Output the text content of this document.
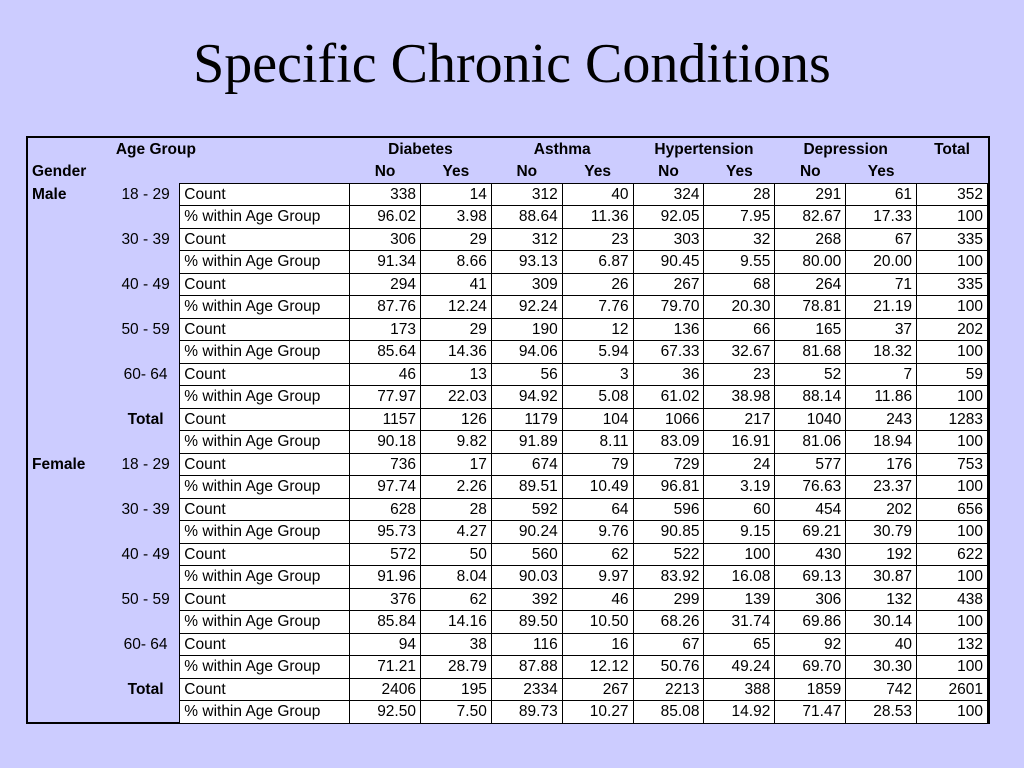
Specific Chronic Conditions
	Age Group		Diabetes		Asthma		Hypertension		Depression		Total
Gender			No	Yes	No	Yes	No	Yes	No	Yes	
Male	18 - 29	Count	338	14	312	40	324	28	291	61	352
		% within Age Group	96.02	3.98	88.64	11.36	92.05	7.95	82.67	17.33	100
	30 - 39	Count	306	29	312	23	303	32	268	67	335
		% within Age Group	91.34	8.66	93.13	6.87	90.45	9.55	80.00	20.00	100
	40 - 49	Count	294	41	309	26	267	68	264	71	335
		% within Age Group	87.76	12.24	92.24	7.76	79.70	20.30	78.81	21.19	100
	50 - 59	Count	173	29	190	12	136	66	165	37	202
		% within Age Group	85.64	14.36	94.06	5.94	67.33	32.67	81.68	18.32	100
	60- 64	Count	46	13	56	3	36	23	52	7	59
		% within Age Group	77.97	22.03	94.92	5.08	61.02	38.98	88.14	11.86	100
	Total	Count	1157	126	1179	104	1066	217	1040	243	1283
		% within Age Group	90.18	9.82	91.89	8.11	83.09	16.91	81.06	18.94	100
Female	18 - 29	Count	736	17	674	79	729	24	577	176	753
		% within Age Group	97.74	2.26	89.51	10.49	96.81	3.19	76.63	23.37	100
	30 - 39	Count	628	28	592	64	596	60	454	202	656
		% within Age Group	95.73	4.27	90.24	9.76	90.85	9.15	69.21	30.79	100
	40 - 49	Count	572	50	560	62	522	100	430	192	622
		% within Age Group	91.96	8.04	90.03	9.97	83.92	16.08	69.13	30.87	100
	50 - 59	Count	376	62	392	46	299	139	306	132	438
		% within Age Group	85.84	14.16	89.50	10.50	68.26	31.74	69.86	30.14	100
	60- 64	Count	94	38	116	16	67	65	92	40	132
		% within Age Group	71.21	28.79	87.88	12.12	50.76	49.24	69.70	30.30	100
	Total	Count	2406	195	2334	267	2213	388	1859	742	2601
		% within Age Group	92.50	7.50	89.73	10.27	85.08	14.92	71.47	28.53	100
